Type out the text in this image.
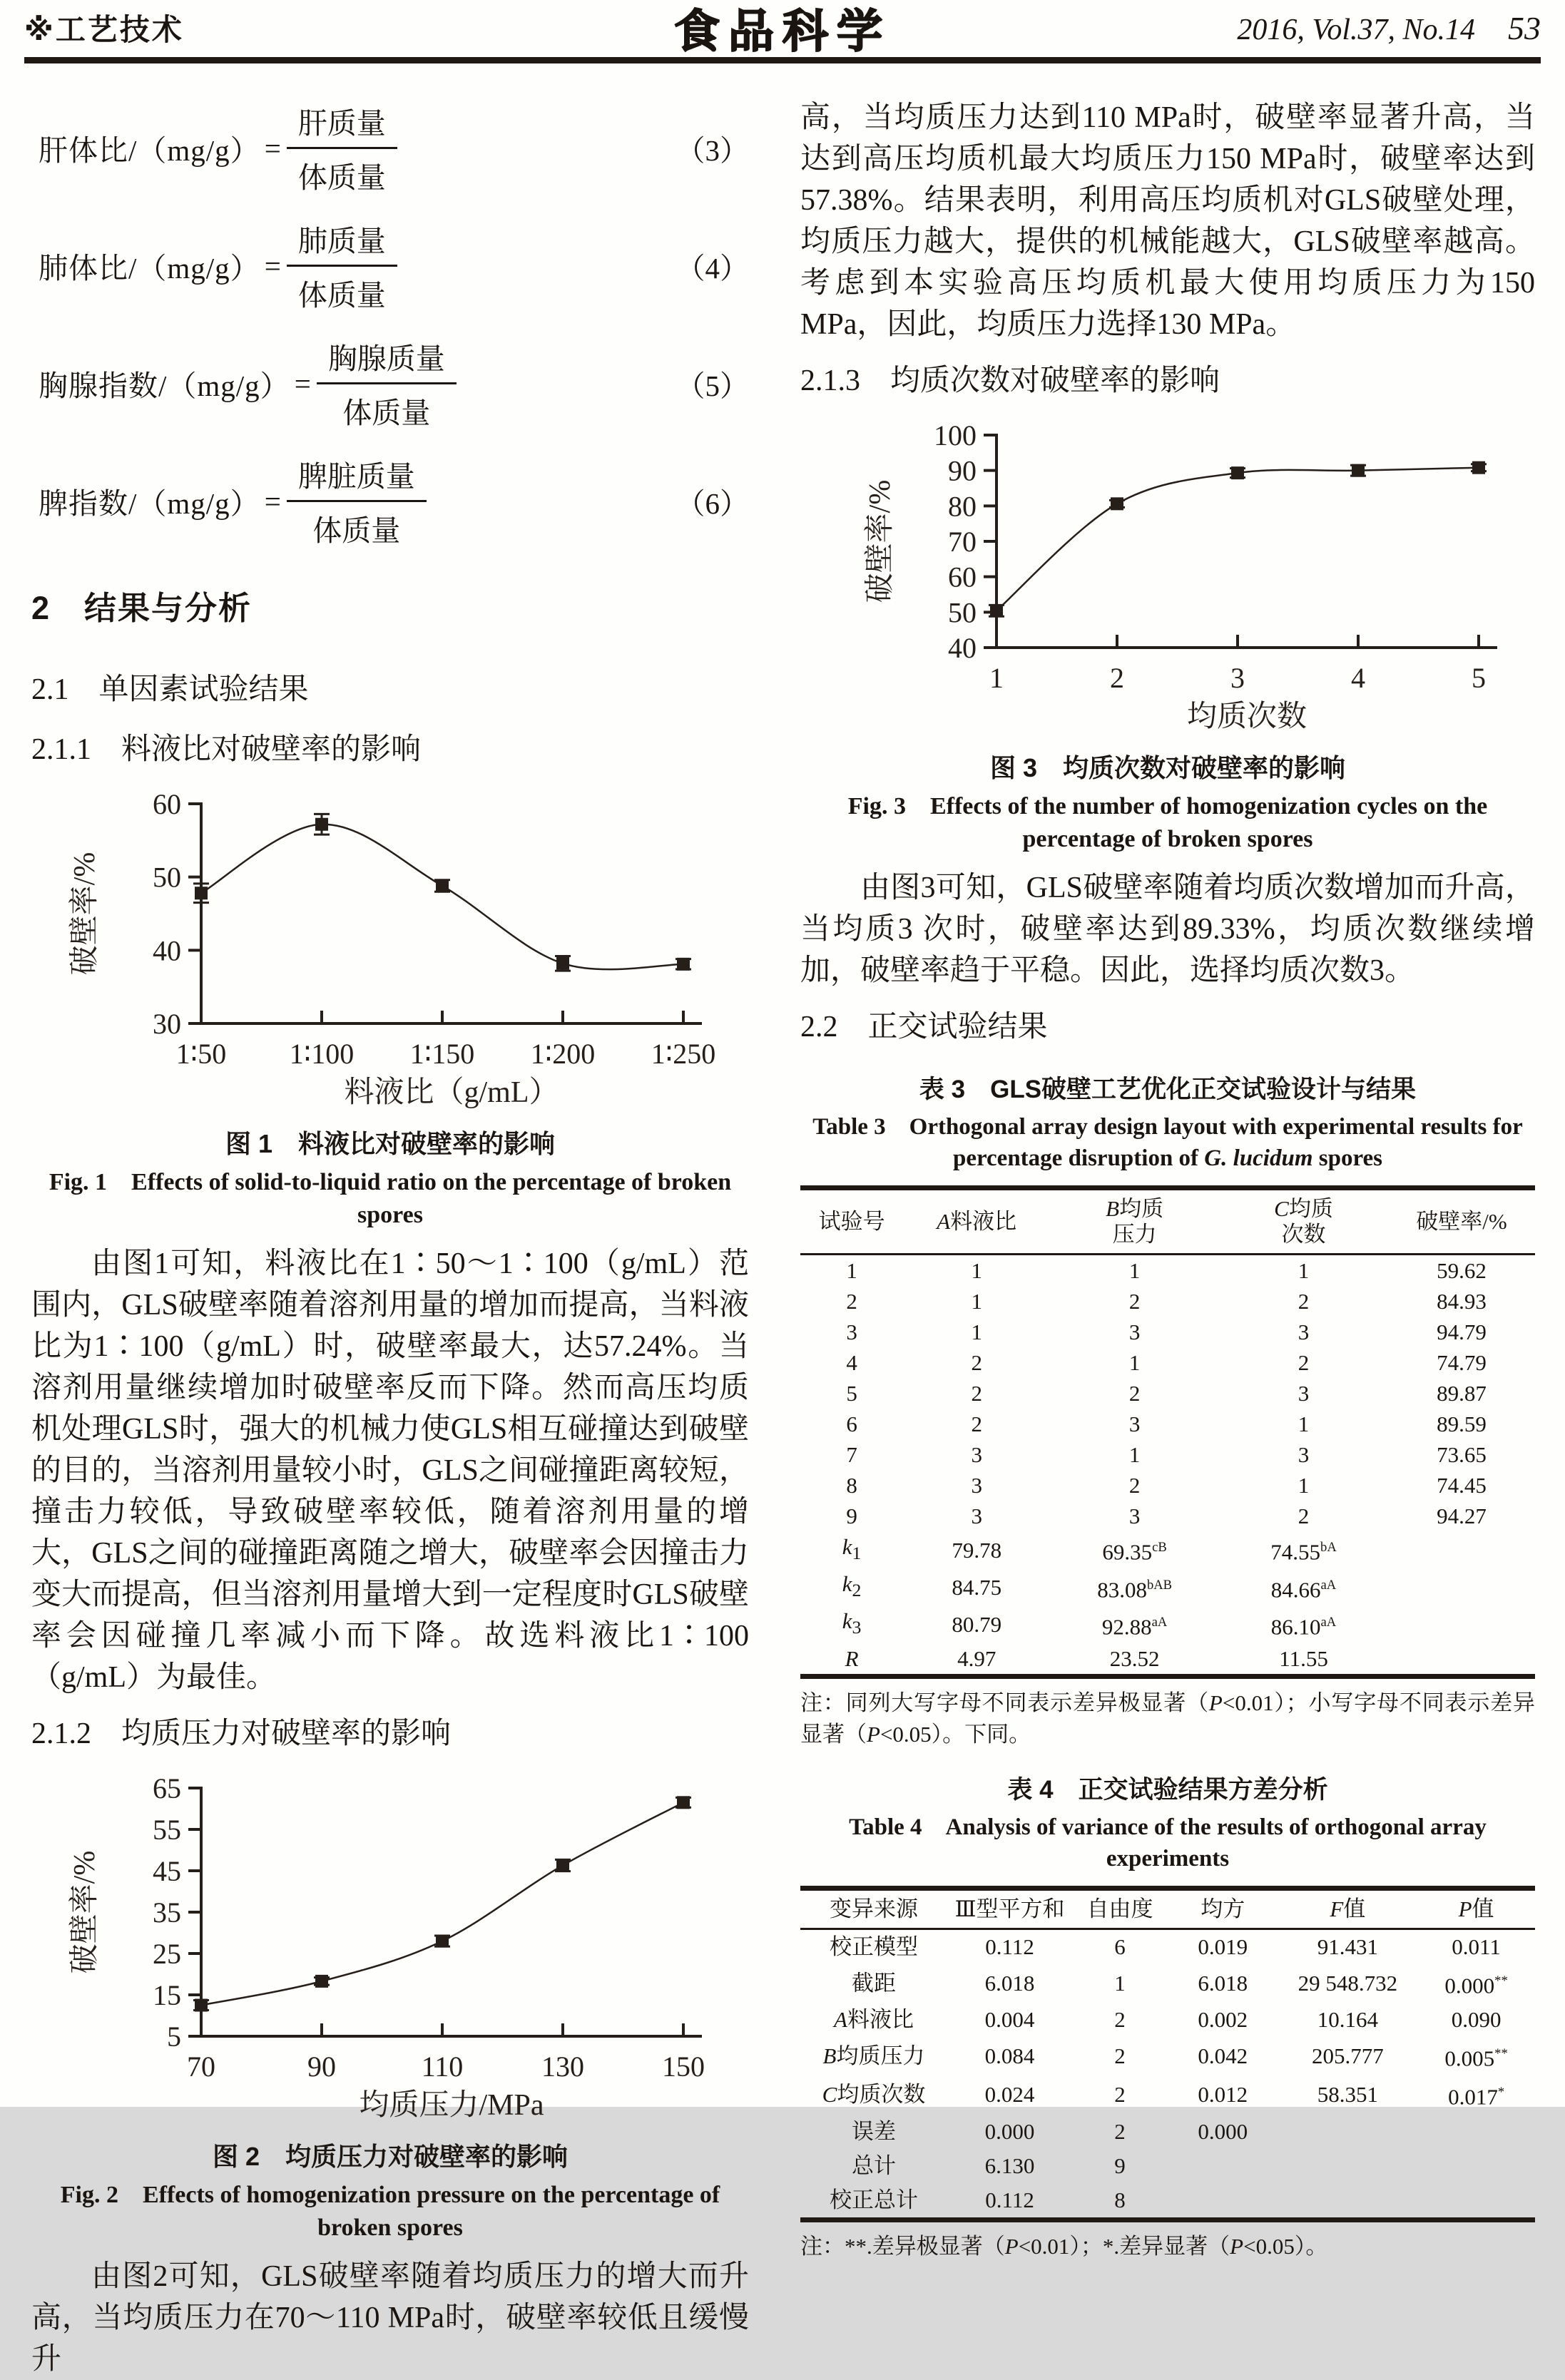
※工艺技术	食品科学	2016, Vol.37, No.14 53
肝体比$/(mg/g) = \frac{\text{肝质量}}{\text{体质量}}$	（3）
肺体比$/(mg/g) = \frac{\text{肺质量}}{\text{体质量}}$	（4）
胸腺指数$/(mg/g) = \frac{\text{胸腺质量}}{\text{体质量}}$	（5）
脾指数$/(mg/g) = \frac{\text{脾脏质量}}{\text{体质量}}$	（6）
2　结果与分析
2.1　单因素试验结果
2.1.1　料液比对破壁率的影响
30
40
50
60
1∶50 1∶100 1∶150 1∶200 1∶250
料液比（g/mL）
破壁率/%
图 1　料液比对破壁率的影响
Fig. 1　Effects of solid-to-liquid ratio on the percentage of broken spores

由图1可知，料液比在1∶50～1∶100（g/mL）范围内，GLS破壁率随着溶剂用量的增加而提高，当料液比为1∶100（g/mL）时，破壁率最大，达57.24%。当溶剂用量继续增加时破壁率反而下降。然而高压均质机处理GLS时，强大的机械力使GLS相互碰撞达到破壁的目的，当溶剂用量较小时，GLS之间碰撞距离较短，撞击力较低，导致破壁率较低，随着溶剂用量的增大，GLS之间的碰撞距离随之增大，破壁率会因撞击力变大而提高，但当溶剂用量增大到一定程度时GLS破壁率会因碰撞几率减小而下降。故选料液比1∶100（g/mL）为最佳。

2.1.2　均质压力对破壁率的影响
5
15
25
35
45
55
65
70	90	110	130	150
均质压力/MPa
破壁率/%
图 2　均质压力对破壁率的影响
Fig. 2　Effects of homogenization pressure on the percentage of broken spores

由图2可知，GLS破壁率随着均质压力的增大而升高，当均质压力在70～110 MPa时，破壁率较低且缓慢升

高，当均质压力达到110 MPa时，破壁率显著升高，当达到高压均质机最大均质压力150 MPa时，破壁率达到57.38%。结果表明，利用高压均质机对GLS破壁处理，均质压力越大，提供的机械能越大，GLS破壁率越高。考虑到本实验高压均质机最大使用均质压力为150 MPa，因此，均质压力选择130 MPa。

2.1.3　均质次数对破壁率的影响
40
50
60
70
80
90
100
1	2	3	4	5
均质次数
破壁率/%
图 3　均质次数对破壁率的影响
Fig. 3　Effects of the number of homogenization cycles on the percentage of broken spores

由图3可知，GLS破壁率随着均质次数增加而升高，当均质3 次时，破壁率达到89.33%，均质次数继续增加，破壁率趋于平稳。因此，选择均质次数3。

2.2　正交试验结果
表 3　GLS破壁工艺优化正交试验设计与结果
Table 3　Orthogonal array design layout with experimental results for percentage disruption of G. lucidum spores
试验号	A料液比	B均质
压力	C均质
次数	破壁率/%
1	1	1	1	59.62
2	1	2	2	84.93
3	1	3	3	94.79
4	2	1	2	74.79
5	2	2	3	89.87
6	2	3	1	89.59
7	3	1	3	73.65
8	3	2	1	74.45
9	3	3	2	94.27
$k_1$	79.78	$69.35^{cB}$	$74.55^{bA}$	
$k_2$	84.75	$83.08^{bAB}$	$84.66^{aA}$	
$k_3$	80.79	$92.88^{aA}$	$86.10^{aA}$	
R	4.97	23.52	11.55	
注：同列大写字母不同表示差异极显著（P<0.01）；小写字母不同表示差异显著（P<0.05）。下同。
表 4　正交试验结果方差分析
Table 4　Analysis of variance of the results of orthogonal array experiments
变异来源	Ⅲ型平方和	自由度	均方	F值	P值
校正模型	0.112	6	0.019	91.431	0.011
截距	6.018	1	6.018	29 548.732	0.000**
A料液比	0.004	2	0.002	10.164	0.090
B均质压力	0.084	2	0.042	205.777	0.005**
C均质次数	0.024	2	0.012	58.351	0.017*
误差	0.000	2	0.000		
总计	6.130	9			
校正总计	0.112	8			
注：**.差异极显著（P<0.01）；*.差异显著（P<0.05）。
